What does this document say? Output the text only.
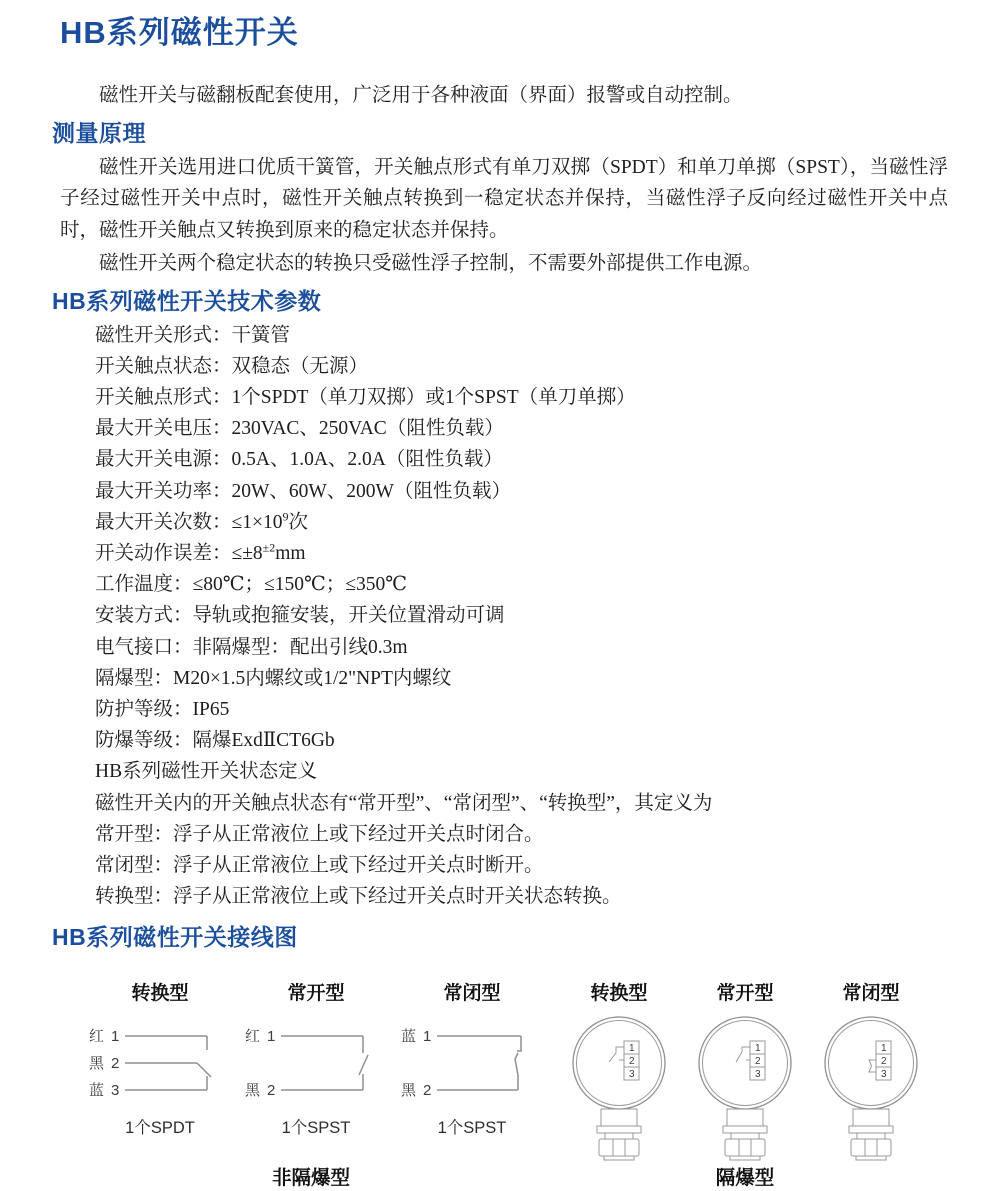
HB系列磁性开关

磁性开关与磁翻板配套使用，广泛用于各种液面（界面）报警或自动控制。

测量原理

磁性开关选用进口优质干簧管，开关触点形式有单刀双掷（SPDT）和单刀单掷（SPST），当磁性浮子经过磁性开关中点时，磁性开关触点转换到一稳定状态并保持，当磁性浮子反向经过磁性开关中点时，磁性开关触点又转换到原来的稳定状态并保持。

磁性开关两个稳定状态的转换只受磁性浮子控制，不需要外部提供工作电源。

HB系列磁性开关技术参数
磁性开关形式：干簧管
开关触点状态：双稳态（无源）
开关触点形式：1个SPDT（单刀双掷）或1个SPST（单刀单掷）
最大开关电压：230VAC、250VAC（阻性负载）
最大开关电源：0.5A、1.0A、2.0A（阻性负载）
最大开关功率：20W、60W、200W（阻性负载）
最大开关次数：$\le 1\times 10^9$次
开关动作误差：$\le\pm 8^{\pm 2}mm$
工作温度：≤80℃；≤150℃；≤350℃
安装方式：导轨或抱箍安装，开关位置滑动可调
电气接口：非隔爆型：配出引线0.3m
隔爆型：M20×1.5内螺纹或1/2"NPT内螺纹
防护等级：IP65
防爆等级：隔爆ExdⅡCT6Gb
HB系列磁性开关状态定义
磁性开关内的开关触点状态有“常开型”、“常闭型”、“转换型”，其定义为
常开型：浮子从正常液位上或下经过开关点时闭合。
常闭型：浮子从正常液位上或下经过开关点时断开。
转换型：浮子从正常液位上或下经过开关点时开关状态转换。
HB系列磁性开关接线图
转换型
红 1
黑 2
蓝 3
1个SPDT
常开型
红 1
黑 2
1个SPST
常闭型
蓝 1
黑 2
1个SPST
非隔爆型
转换型
1
2
3
常开型
1
2
3
常闭型
1
2
3
隔爆型
